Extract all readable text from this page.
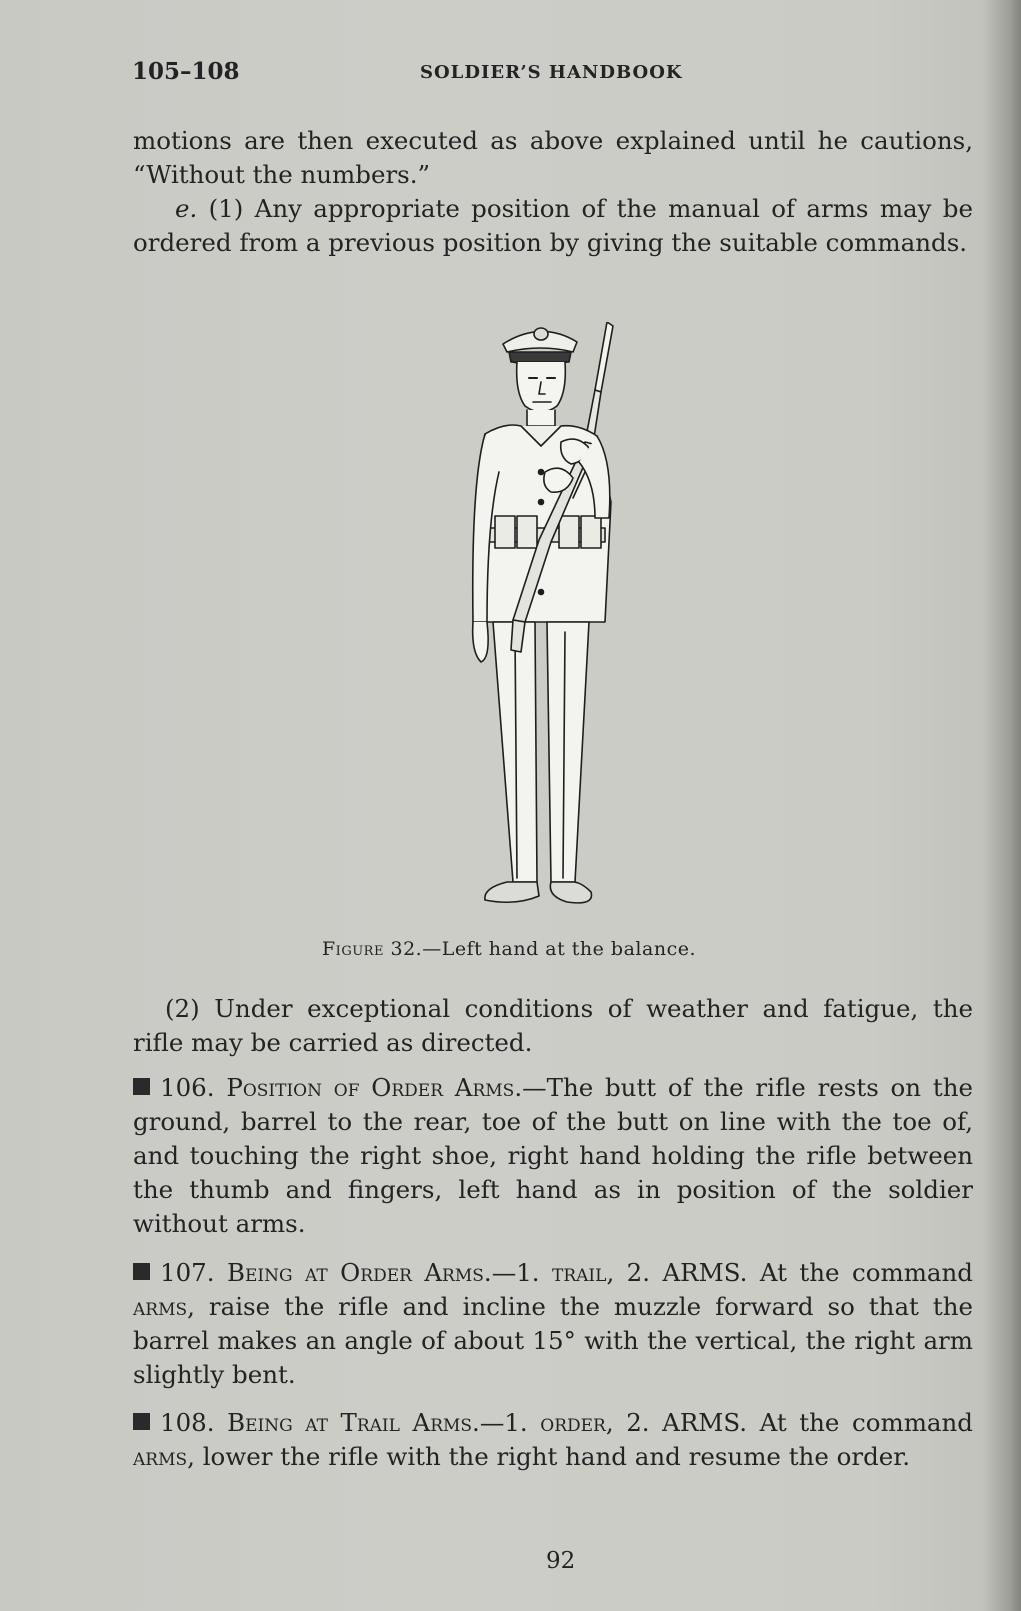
105–108	SOLDIER’S HANDBOOK

motions are then executed as above explained until he cautions, “Without the numbers.”

e. (1) Any appropriate position of the manual of arms may be ordered from a previous position by giving the suitable commands.

Figure 32.—Left hand at the balance.

(2) Under exceptional conditions of weather and fatigue, the rifle may be carried as directed.

106. Position of Order Arms.—The butt of the rifle rests on the ground, barrel to the rear, toe of the butt on line with the toe of, and touching the right shoe, right hand holding the rifle between the thumb and fingers, left hand as in position of the soldier without arms.

107. Being at Order Arms.—1. trail, 2. ARMS. At the command arms, raise the rifle and incline the muzzle forward so that the barrel makes an angle of about 15° with the vertical, the right arm slightly bent.

108. Being at Trail Arms.—1. order, 2. ARMS. At the command arms, lower the rifle with the right hand and resume the order.

92
